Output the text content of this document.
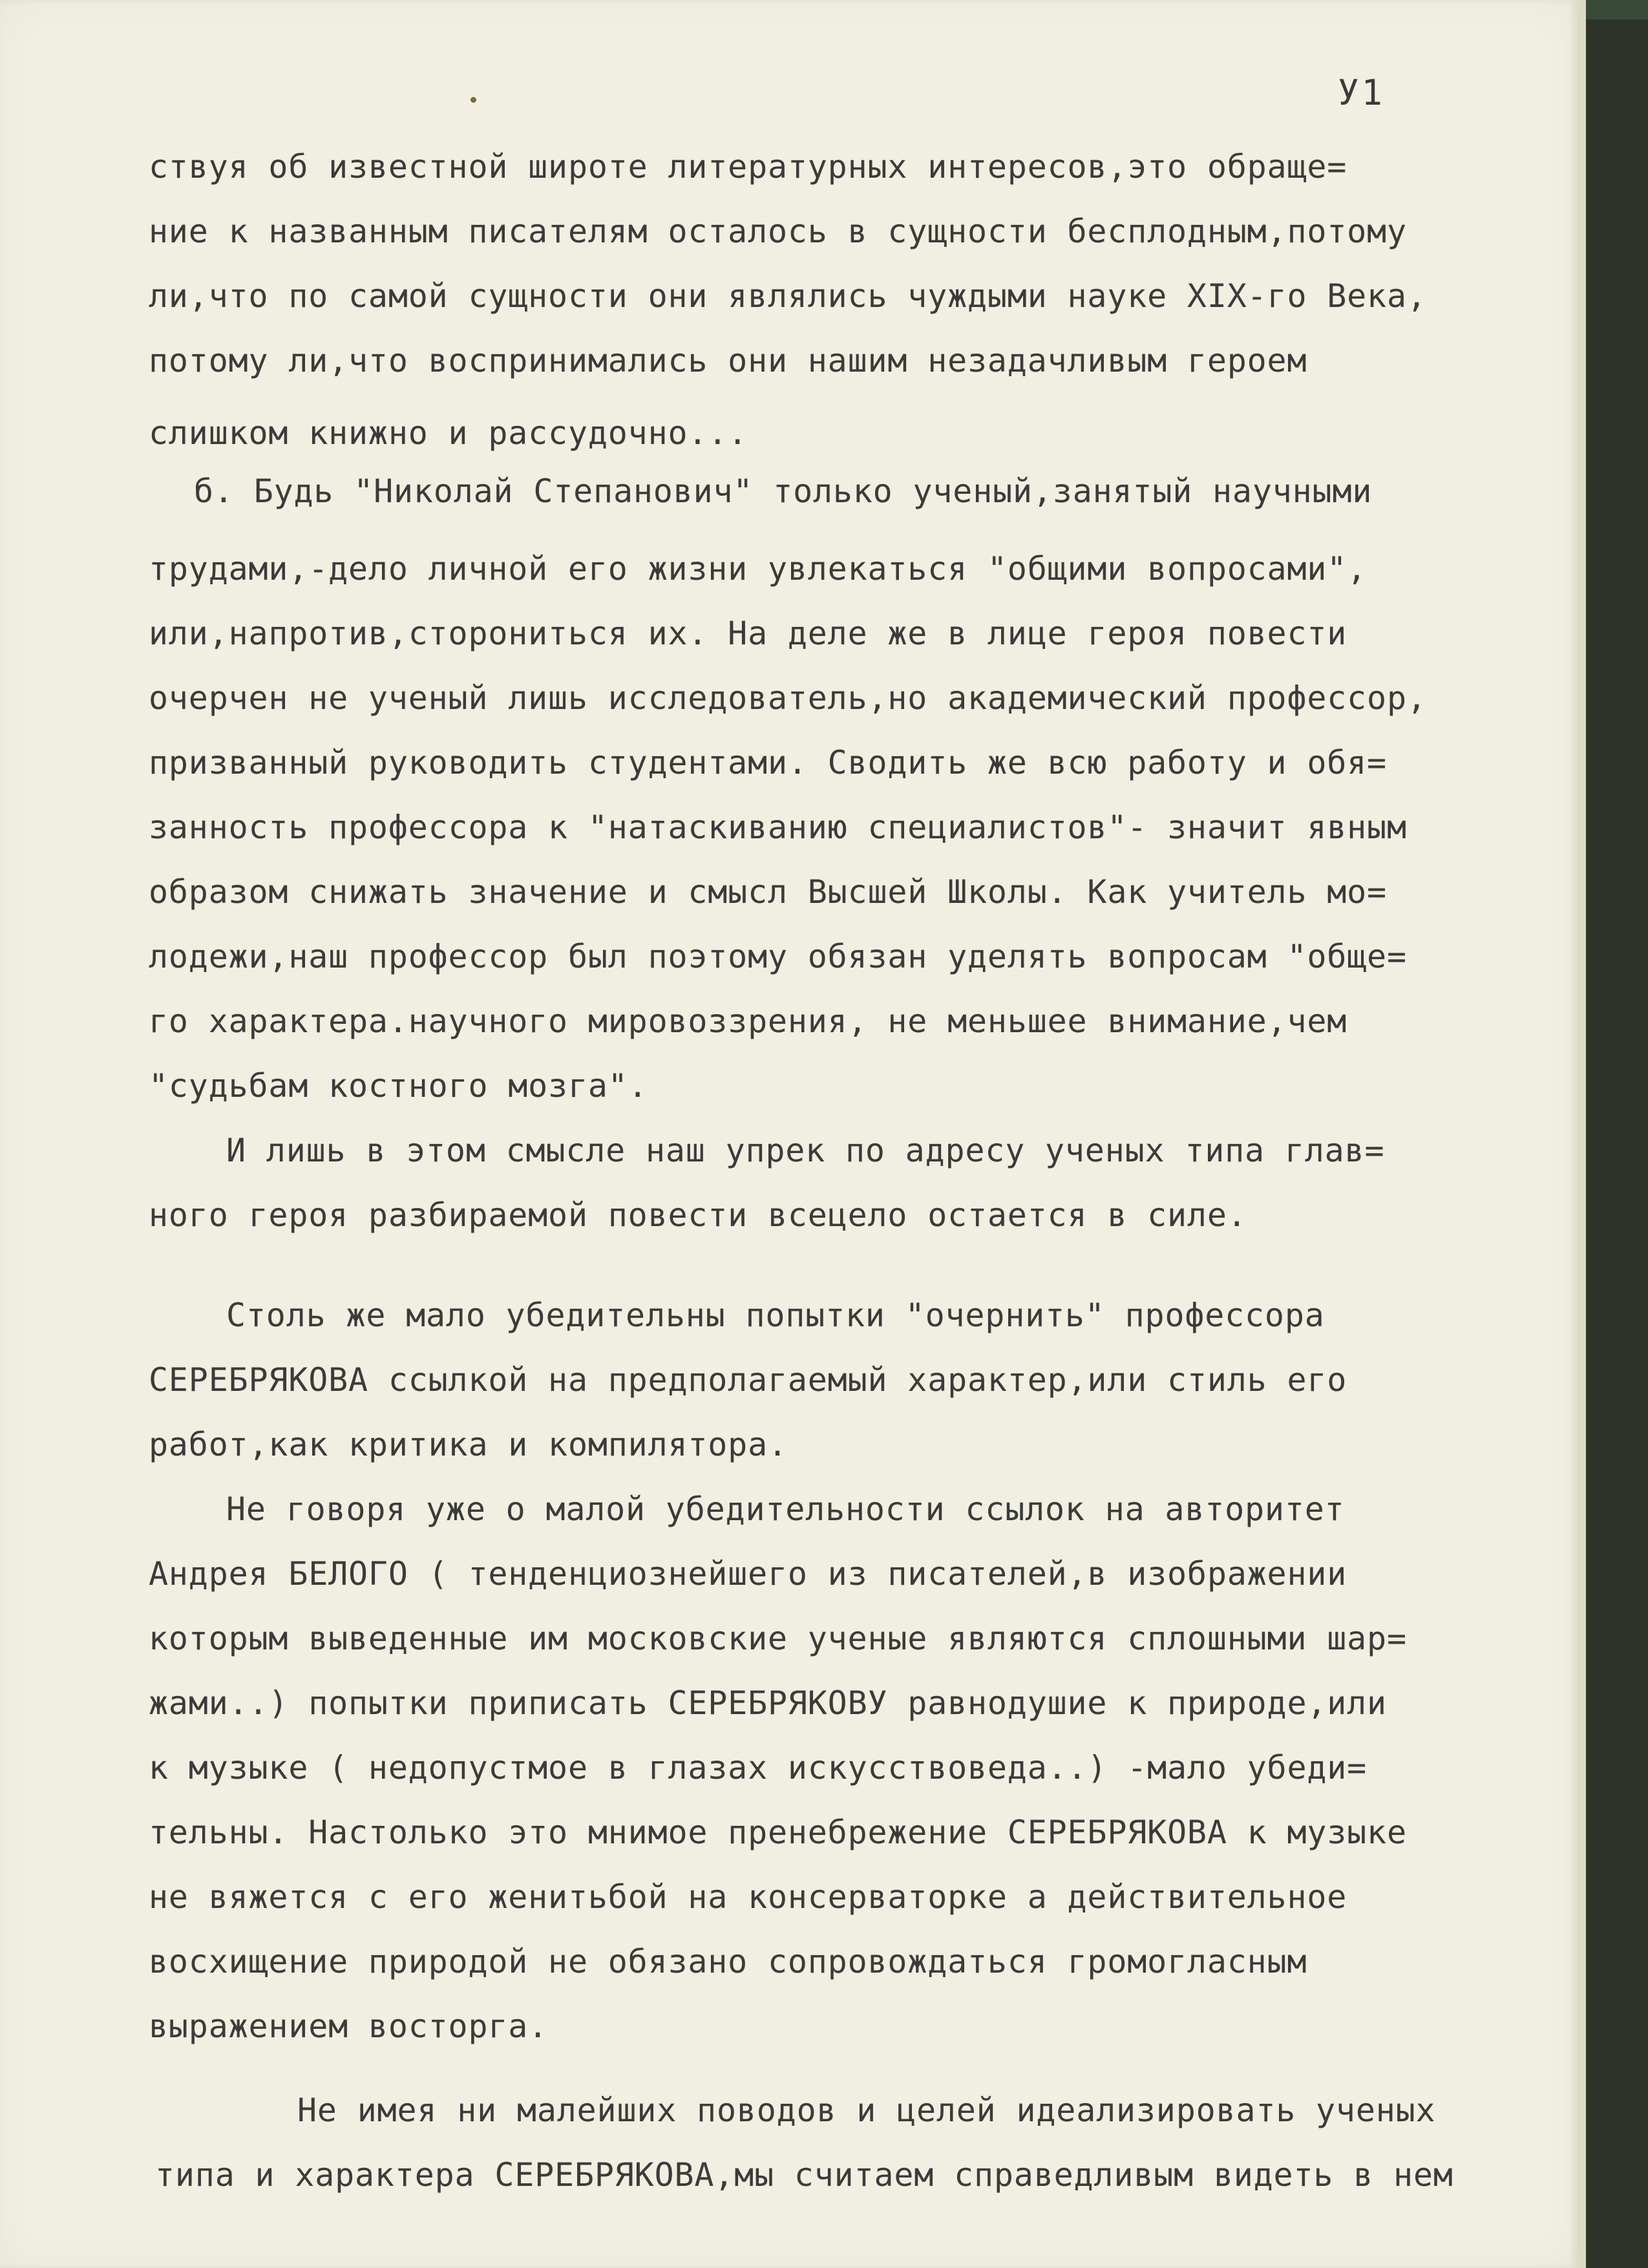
У1
ствуя об известной широте литературных интересов,это обраще=
ние к названным писателям осталось в сущности бесплодным,потому
ли,что по самой сущности они являлись чуждыми науке XIX-го Века,
потому ли,что воспринимались они нашим незадачливым героем
слишком книжно и рассудочно...
б. Будь "Николай Степанович" только ученый,занятый научными
трудами,-дело личной его жизни увлекаться "общими вопросами",
или,напротив,сторониться их. На деле же в лице героя повести
очерчен не ученый лишь исследователь,но академический профессор,
призванный руководить студентами. Сводить же всю работу и обя=
занность профессора к "натаскиванию специалистов"- значит явным
образом снижать значение и смысл Высшей Школы. Как учитель мо=
лодежи,наш профессор был поэтому обязан уделять вопросам "обще=
го характера.научного мировоззрения, не меньшее внимание,чем
"судьбам костного мозга".
И лишь в этом смысле наш упрек по адресу ученых типа глав=
ного героя разбираемой повести всецело остается в силе.
Столь же мало убедительны попытки "очернить" профессора
СЕРЕБРЯКОВА ссылкой на предполагаемый характер,или стиль его
работ,как критика и компилятора.
Не говоря уже о малой убедительности ссылок на авторитет
Андрея БЕЛОГО ( тенденциознейшего из писателей,в изображении
которым выведенные им московские ученые являются сплошными шар=
жами..) попытки приписать СЕРЕБРЯКОВУ равнодушие к природе,или
к музыке ( недопустмое в глазах искусствоведа..) -мало убеди=
тельны. Настолько это мнимое пренебрежение СЕРЕБРЯКОВА к музыке
не вяжется с его женитьбой на консерваторке а действительное
восхищение природой не обязано сопровождаться громогласным
выражением восторга.
Не имея ни малейших поводов и целей идеализировать ученых
типа и характера СЕРЕБРЯКОВА,мы считаем справедливым видеть в нем
